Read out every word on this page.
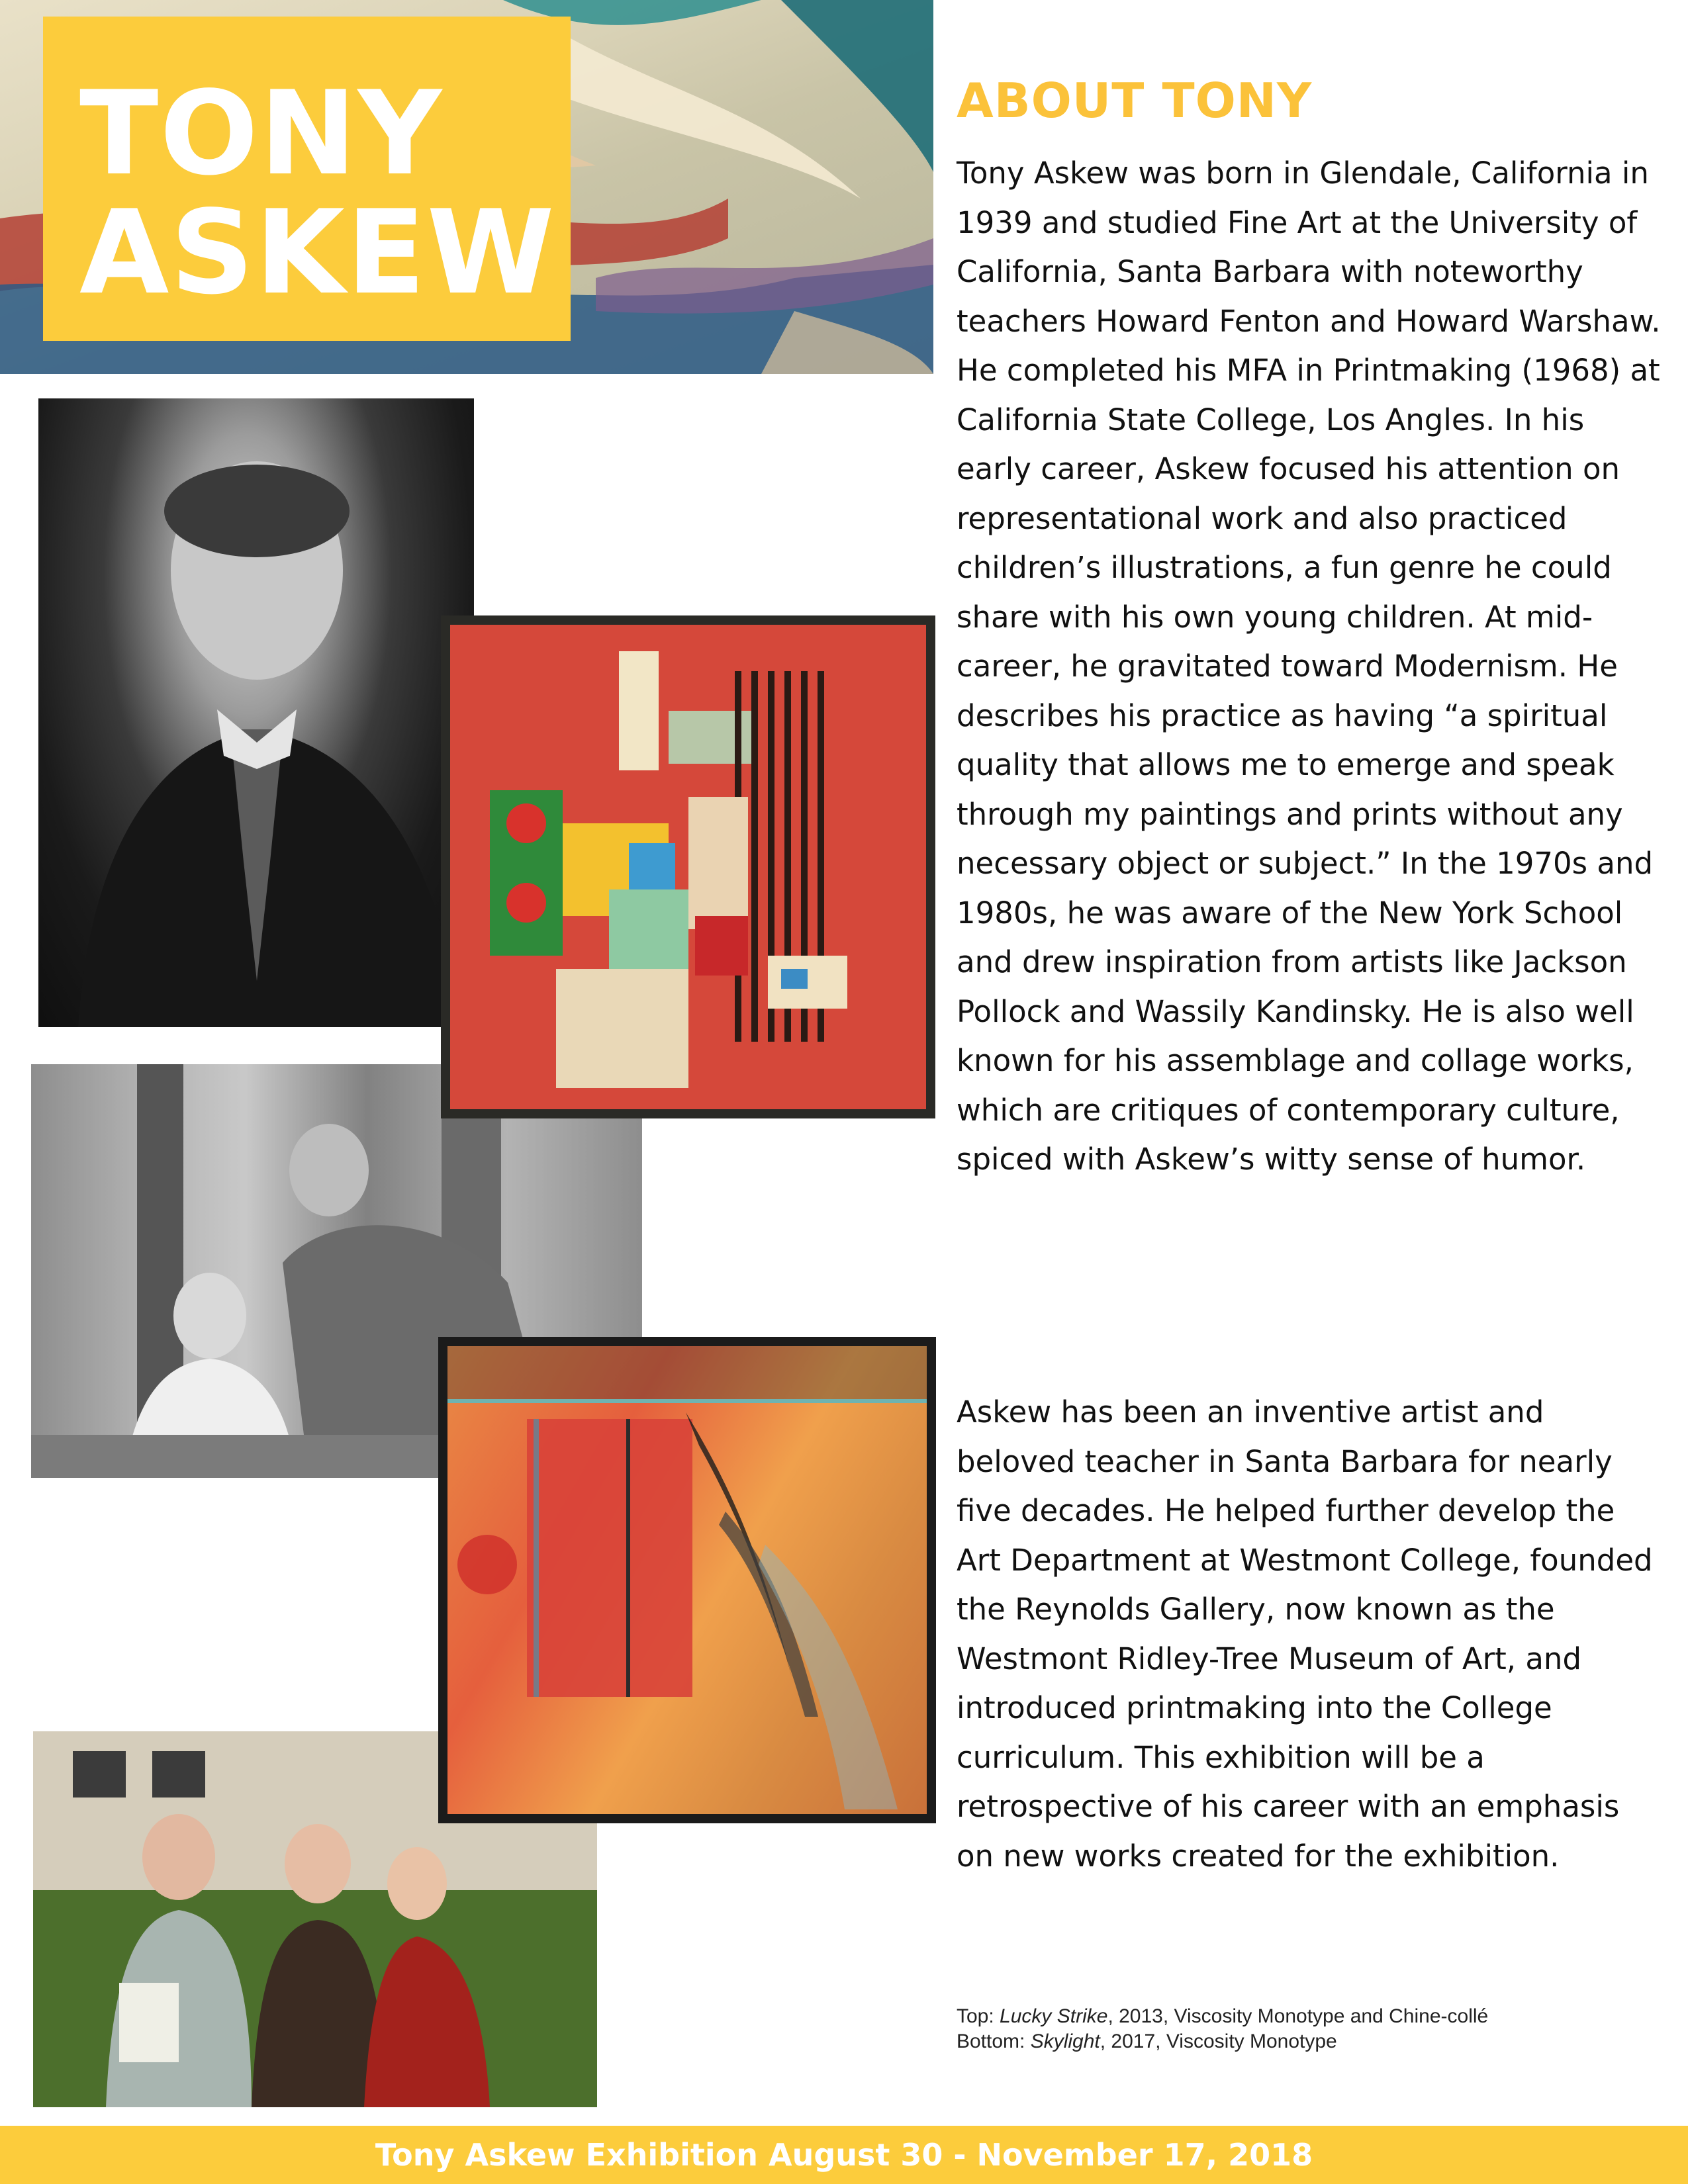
TONY
ASKEW
ABOUT TONY
Tony Askew was born in Glendale, California in 1939 and studied Fine Art at the University of California, Santa Barbara with noteworthy teachers Howard Fenton and Howard Warshaw. He completed his MFA in Printmaking (1968) at California State College, Los Angles. In his early career, Askew focused his attention on representational work and also practiced children’s illustrations, a fun genre he could share with his own young children. At mid-career, he gravitated toward Modernism. He describes his practice as having “a spiritual quality that allows me to emerge and speak through my paintings and prints without any necessary object or subject.” In the 1970s and 1980s, he was aware of the New York School and drew inspiration from artists like Jackson Pollock and Wassily Kandinsky. He is also well known for his assemblage and collage works, which are critiques of contemporary culture, spiced with Askew’s witty sense of humor.
Askew has been an inventive artist and beloved teacher in Santa Barbara for nearly five decades. He helped further develop the Art Department at Westmont College, founded the Reynolds Gallery, now known as the Westmont Ridley-Tree Museum of Art, and introduced printmaking into the College curriculum. This exhibition will be a retrospective of his career with an emphasis on new works created for the exhibition.
Top: Lucky Strike, 2013, Viscosity Monotype and Chine-collé
Bottom: Skylight, 2017, Viscosity Monotype
Tony Askew Exhibition August 30 - November 17, 2018
